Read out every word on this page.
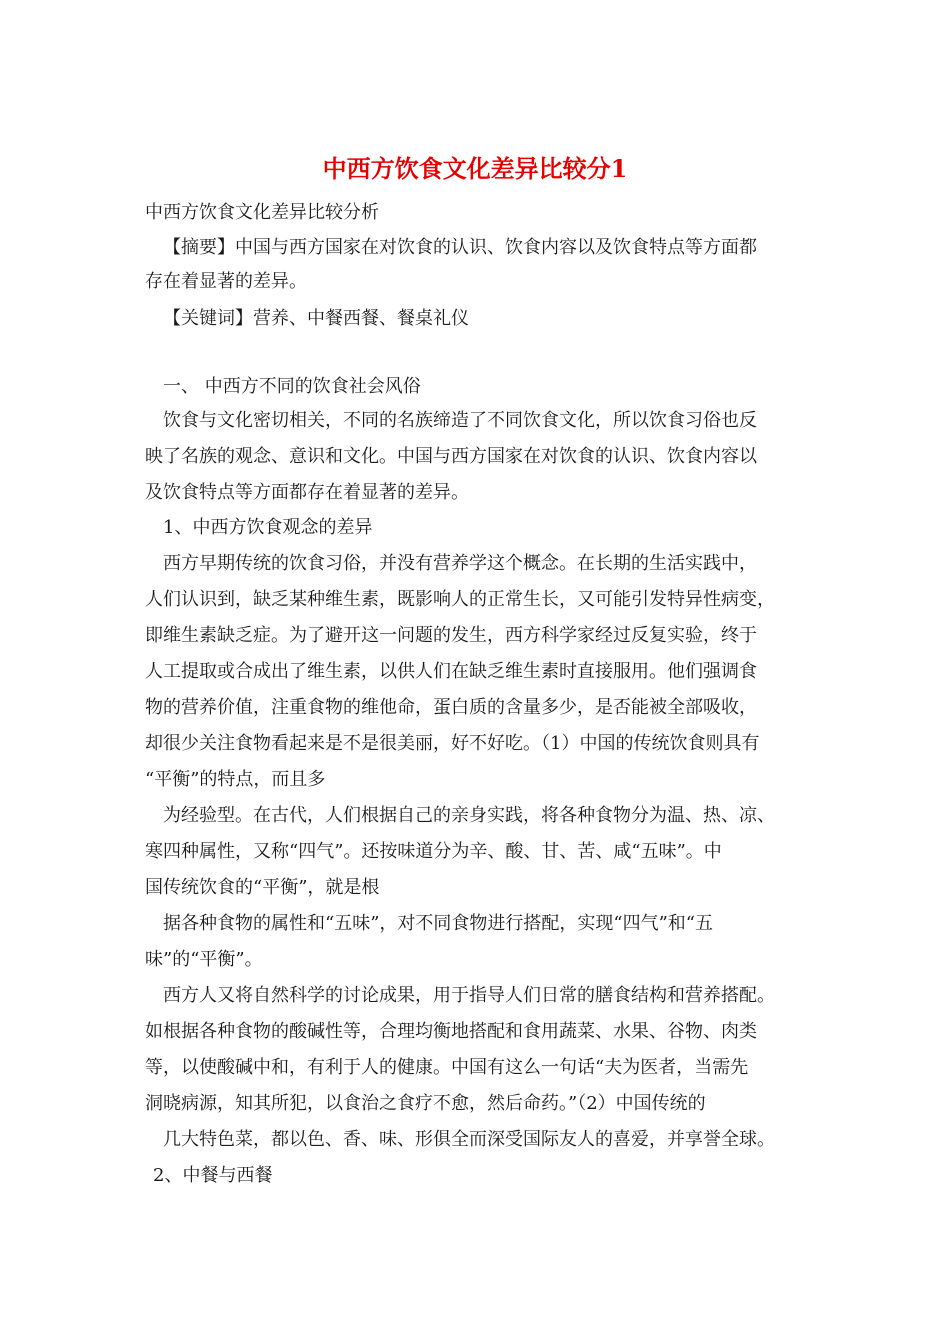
中西方饮食文化差异比较分1

中西方饮食文化差异比较分析

【摘要】中国与西方国家在对饮食的认识、饮食内容以及饮食特点等方面都

存在着显著的差异。

【关键词】营养、中餐西餐、餐桌礼仪

一、 中西方不同的饮食社会风俗

饮食与文化密切相关，不同的名族缔造了不同饮食文化，所以饮食习俗也反

映了名族的观念、意识和文化。中国与西方国家在对饮食的认识、饮食内容以

及饮食特点等方面都存在着显著的差异。

1、中西方饮食观念的差异

西方早期传统的饮食习俗，并没有营养学这个概念。在长期的生活实践中，

人们认识到，缺乏某种维生素，既影响人的正常生长，又可能引发特异性病变，

即维生素缺乏症。为了避开这一问题的发生，西方科学家经过反复实验，终于

人工提取或合成出了维生素，以供人们在缺乏维生素时直接服用。他们强调食

物的营养价值，注重食物的维他命，蛋白质的含量多少，是否能被全部吸收，

却很少关注食物看起来是不是很美丽，好不好吃。（1）中国的传统饮食则具有

“平衡”的特点，而且多

为经验型。在古代，人们根据自己的亲身实践，将各种食物分为温、热、凉、

寒四种属性，又称“四气”。还按味道分为辛、酸、甘、苦、咸“五味”。中

国传统饮食的“平衡”，就是根

据各种食物的属性和“五味”，对不同食物进行搭配，实现“四气”和“五

味”的“平衡”。

西方人又将自然科学的讨论成果，用于指导人们日常的膳食结构和营养搭配。

如根据各种食物的酸碱性等，合理均衡地搭配和食用蔬菜、水果、谷物、肉类

等，以使酸碱中和，有利于人的健康。中国有这么一句话“夫为医者，当需先

洞晓病源，知其所犯，以食治之食疗不愈，然后命药。”（2）中国传统的

几大特色菜，都以色、香、味、形俱全而深受国际友人的喜爱，并享誉全球。

2、中餐与西餐
